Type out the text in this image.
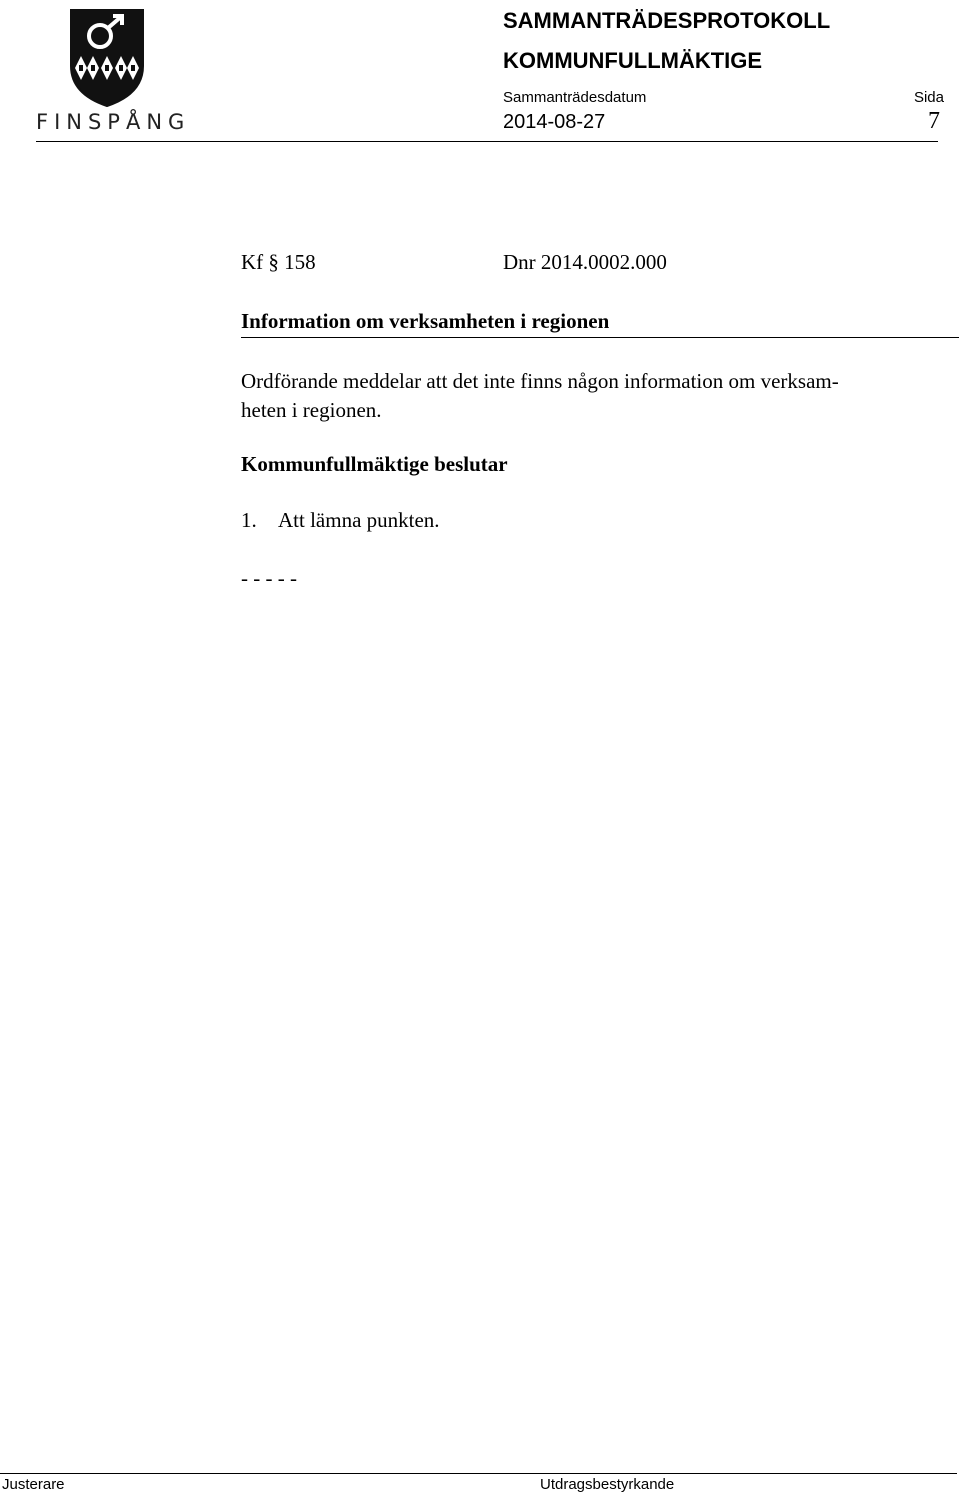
FINSPÅNG
SAMMANTRÄDESPROTOKOLL
KOMMUNFULLMÄKTIGE
Sammanträdesdatum
2014-08-27
Sida
7
Kf § 158	Dnr 2014.0002.000
Information om verksamheten i regionen

Ordförande meddelar att det inte finns någon information om verksam-
heten i regionen.

Kommunfullmäktige beslutar
1. Att lämna punkten.
- - - - -
Justerare	Utdragsbestyrkande
